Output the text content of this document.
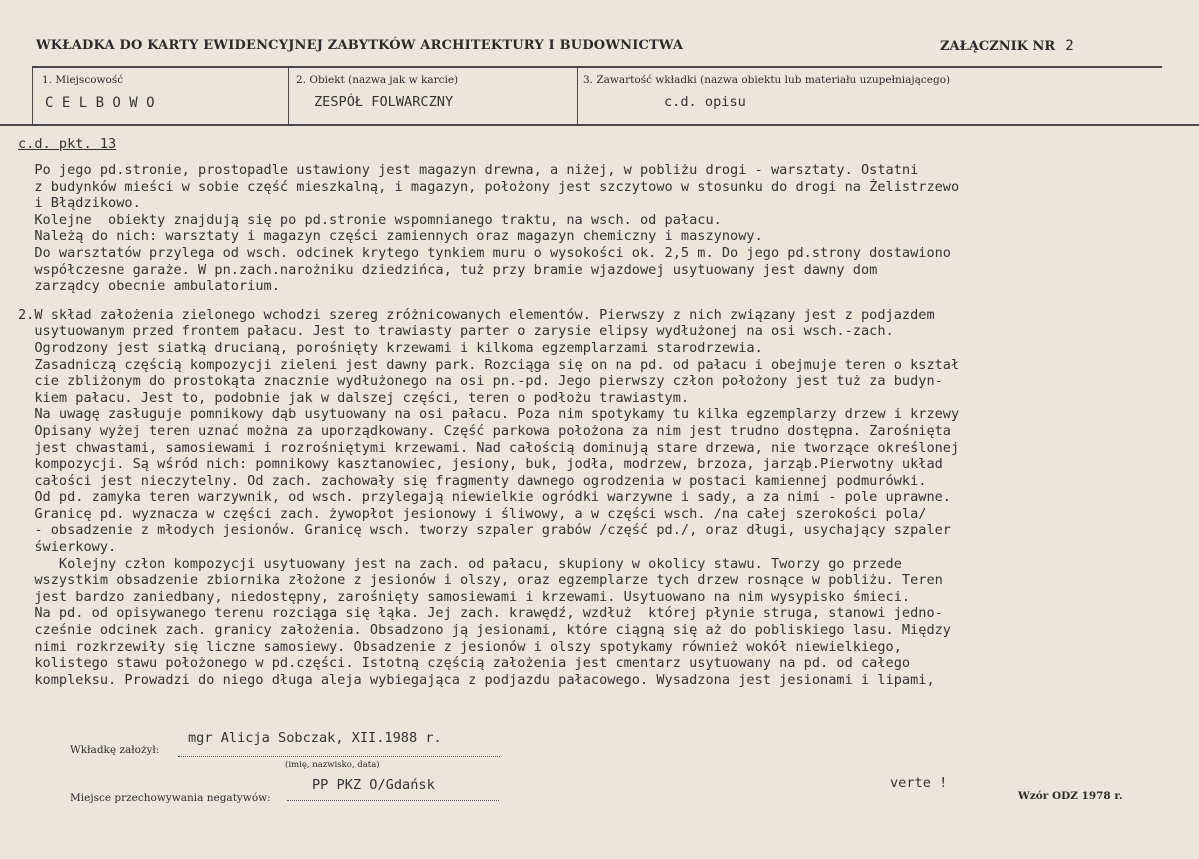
WKŁADKA DO KARTY EWIDENCYJNEJ ZABYTKÓW ARCHITEKTURY I BUDOWNICTWA	ZAŁĄCZNIK NR 2
1. Miejscowość
C E L B O W O
2. Obiekt (nazwa jak w karcie)
ZESPÓŁ FOLWARCZNY
3. Zawartość wkładki (nazwa obiektu lub materiału uzupełniającego)
c.d. opisu
c.d. pkt. 13
Po jego pd.stronie, prostopadle ustawiony jest magazyn drewna, a niżej, w pobliżu drogi - warsztaty. Ostatni
z budynków mieści w sobie część mieszkalną, i magazyn, położony jest szczytowo w stosunku do drogi na Żelistrzewo
i Błądzikowo.
Kolejne  obiekty znajdują się po pd.stronie wspomnianego traktu, na wsch. od pałacu.
Należą do nich: warsztaty i magazyn części zamiennych oraz magazyn chemiczny i maszynowy.
Do warsztatów przylega od wsch. odcinek krytego tynkiem muru o wysokości ok. 2,5 m. Do jego pd.strony dostawiono
współczesne garaże. W pn.zach.narożniku dziedzińca, tuż przy bramie wjazdowej usytuowany jest dawny dom
zarządcy obecnie ambulatorium.
2.W skład założenia zielonego wchodzi szereg zróżnicowanych elementów. Pierwszy z nich związany jest z podjazdem
usytuowanym przed frontem pałacu. Jest to trawiasty parter o zarysie elipsy wydłużonej na osi wsch.-zach.
Ogrodzony jest siatką drucianą, porośnięty krzewami i kilkoma egzemplarzami starodrzewia.
Zasadniczą częścią kompozycji zieleni jest dawny park. Rozciąga się on na pd. od pałacu i obejmuje teren o kształ
cie zbliżonym do prostokąta znacznie wydłużonego na osi pn.-pd. Jego pierwszy człon położony jest tuż za budyn-
kiem pałacu. Jest to, podobnie jak w dalszej części, teren o podłożu trawiastym.
Na uwagę zasługuje pomnikowy dąb usytuowany na osi pałacu. Poza nim spotykamy tu kilka egzemplarzy drzew i krzewy
Opisany wyżej teren uznać można za uporządkowany. Część parkowa położona za nim jest trudno dostępna. Zarośnięta
jest chwastami, samosiewami i rozrośniętymi krzewami. Nad całością dominują stare drzewa, nie tworzące określonej
kompozycji. Są wśród nich: pomnikowy kasztanowiec, jesiony, buk, jodła, modrzew, brzoza, jarząb.Pierwotny układ
całości jest nieczytelny. Od zach. zachowały się fragmenty dawnego ogrodzenia w postaci kamiennej podmurówki.
Od pd. zamyka teren warzywnik, od wsch. przylegają niewielkie ogródki warzywne i sady, a za nimi - pole uprawne.
Granicę pd. wyznacza w części zach. żywopłot jesionowy i śliwowy, a w części wsch. /na całej szerokości pola/
- obsadzenie z młodych jesionów. Granicę wsch. tworzy szpaler grabów /część pd./, oraz długi, usychający szpaler
świerkowy.
Kolejny człon kompozycji usytuowany jest na zach. od pałacu, skupiony w okolicy stawu. Tworzy go przede
wszystkim obsadzenie zbiornika złożone z jesionów i olszy, oraz egzemplarze tych drzew rosnące w pobliżu. Teren
jest bardzo zaniedbany, niedostępny, zarośnięty samosiewami i krzewami. Usytuowano na nim wysypisko śmieci.
Na pd. od opisywanego terenu rozciąga się łąka. Jej zach. krawędź, wzdłuż  której płynie struga, stanowi jedno-
cześnie odcinek zach. granicy założenia. Obsadzono ją jesionami, które ciągną się aż do pobliskiego lasu. Między
nimi rozkrzewiły się liczne samosiewy. Obsadzenie z jesionów i olszy spotykamy również wokół niewielkiego,
kolistego stawu położonego w pd.części. Istotną częścią założenia jest cmentarz usytuowany na pd. od całego
kompleksu. Prowadzi do niego długa aleja wybiegająca z podjazdu pałacowego. Wysadzona jest jesionami i lipami,
Wkładkę założył:
mgr Alicja Sobczak, XII.1988 r.
(imię, nazwisko, data)
Miejsce przechowywania negatywów:
PP PKZ O/Gdańsk	verte !
Wzór ODZ 1978 r.
